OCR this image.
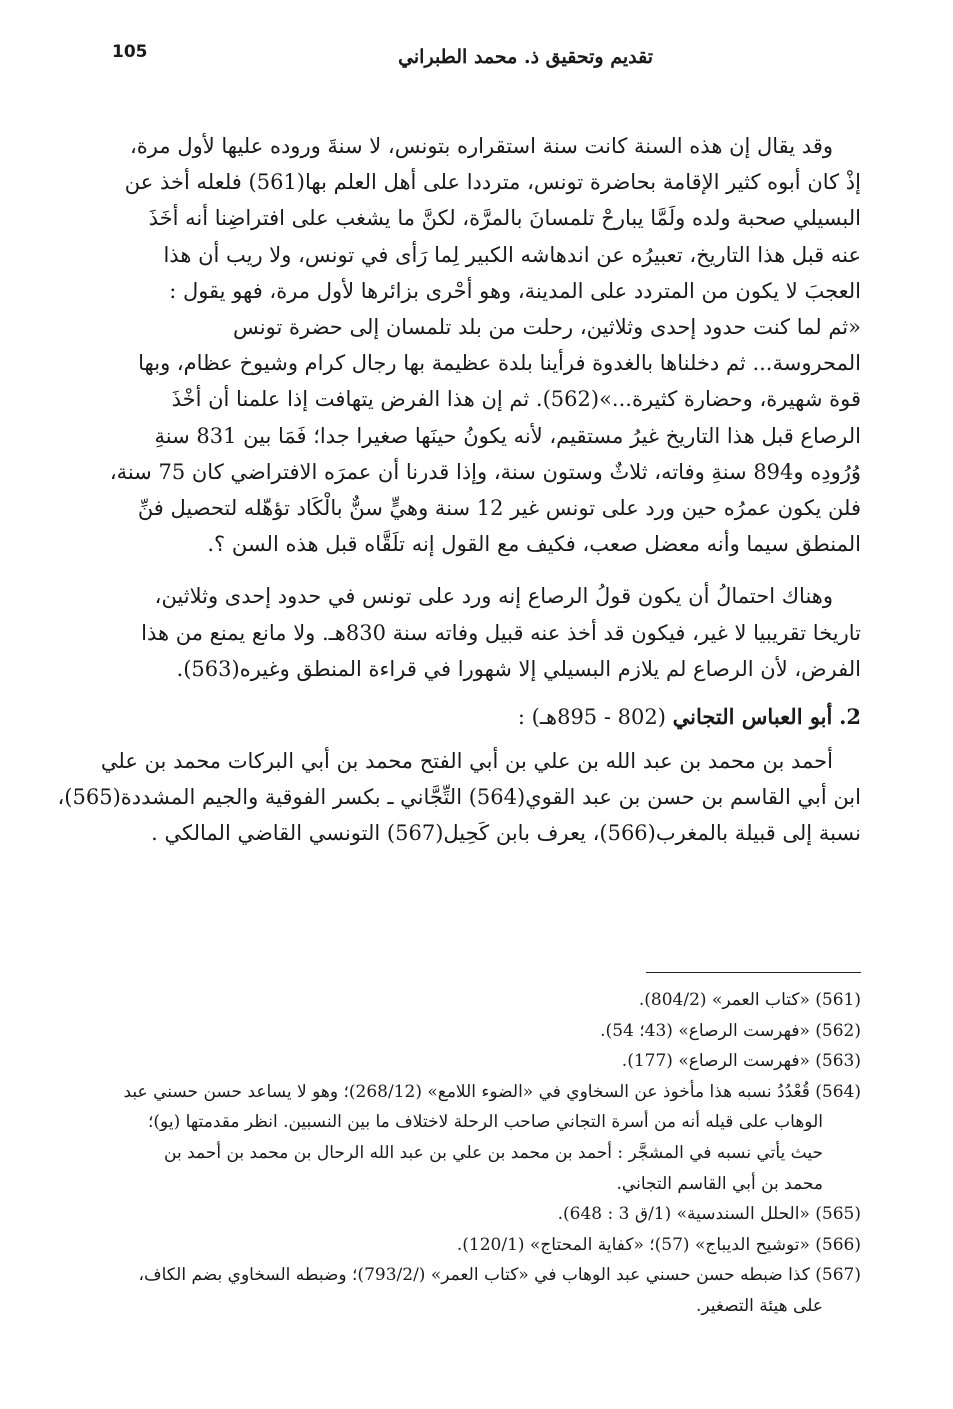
105	تقديم وتحقيق ذ. محمد الطبراني
وقد يقال إن هذه السنة كانت سنة استقراره بتونس، لا سنةَ وروده عليها لأول مرة،
إذْ كان أبوه كثير الإقامة بحاضرة تونس، مترددا على أهل العلم بها(561) فلعله أخذ عن
البسيلي صحبة ولده ولَمَّا يبارحْ تلمسانَ بالمرَّة، لكنَّ ما يشغب على افتراضِنا أنه أخَذَ
عنه قبل هذا التاريخ، تعبيرُه عن اندهاشه الكبير لِما رَأى في تونس، ولا ريب أن هذا
العجبَ لا يكون من المتردد على المدينة، وهو أحْرى بزائرها لأول مرة، فهو يقول :
«ثم لما كنت حدود إحدى وثلاثين، رحلت من بلد تلمسان إلى حضرة تونس
المحروسة... ثم دخلناها بالغدوة فرأينا بلدة عظيمة بها رجال كرام وشيوخ عظام، وبها
قوة شهيرة، وحضارة كثيرة...»(562). ثم إن هذا الفرض يتهافت إذا علمنا أن أخْذَ
الرصاع قبل هذا التاريخ غيرُ مستقيم، لأنه يكونُ حينَها صغيرا جدا؛ فَمَا بين 831 سنةِ
وُرُودِه و894 سنةِ وفاته، ثلاثٌ وستون سنة، وإذا قدرنا أن عمرَه الافتراضي كان 75 سنة،
فلن يكون عمرُه حين ورد على تونس غير 12 سنة وهيٍّ سنٌّ بالْكَاد تؤهّله لتحصيل فنِّ
المنطق سيما وأنه معضل صعب، فكيف مع القول إنه تلَقَّاه قبل هذه السن ؟.
وهناك احتمالُ أن يكون قولُ الرصاع إنه ورد على تونس في حدود إحدى وثلاثين،
تاريخا تقريبيا لا غير، فيكون قد أخذ عنه قبيل وفاته سنة 830هـ. ولا مانع يمنع من هذا
الفرض، لأن الرصاع لم يلازم البسيلي إلا شهورا في قراءة المنطق وغيره(563).
2. أبو العباس التجاني (802 - 895هـ) :
أحمد بن محمد بن عبد الله بن علي بن أبي الفتح محمد بن أبي البركات محمد بن علي
ابن أبي القاسم بن حسن بن عبد القوي(564) التِّجَّاني ـ بكسر الفوقية والجيم المشددة(565)،
نسبة إلى قبيلة بالمغرب(566)، يعرف بابن كَحِيل(567) التونسي القاضي المالكي .
(561) «كتاب العمر» (804/2).
(562) «فهرست الرصاع» (43؛ 54).
(563) «فهرست الرصاع» (177).
(564) قُعْدُدُ نسبه هذا مأخوذ عن السخاوي في «الضوء اللامع» (268/12)؛ وهو لا يساعد حسن حسني عبد
الوهاب على قيله أنه من أسرة التجاني صاحب الرحلة لاختلاف ما بين النسبين. انظر مقدمتها (يو)؛
حيث يأتي نسبه في المشجَّر : أحمد بن محمد بن علي بن عبد الله الرحال بن محمد بن أحمد بن
محمد بن أبي القاسم التجاني.
(565) «الحلل السندسية» (1/ق 3 : 648).
(566) «توشيح الديباج» (57)؛ «كفاية المحتاج» (120/1).
(567) كذا ضبطه حسن حسني عبد الوهاب في «كتاب العمر» (/793/2)؛ وضبطه السخاوي بضم الكاف،
على هيئة التصغير.
